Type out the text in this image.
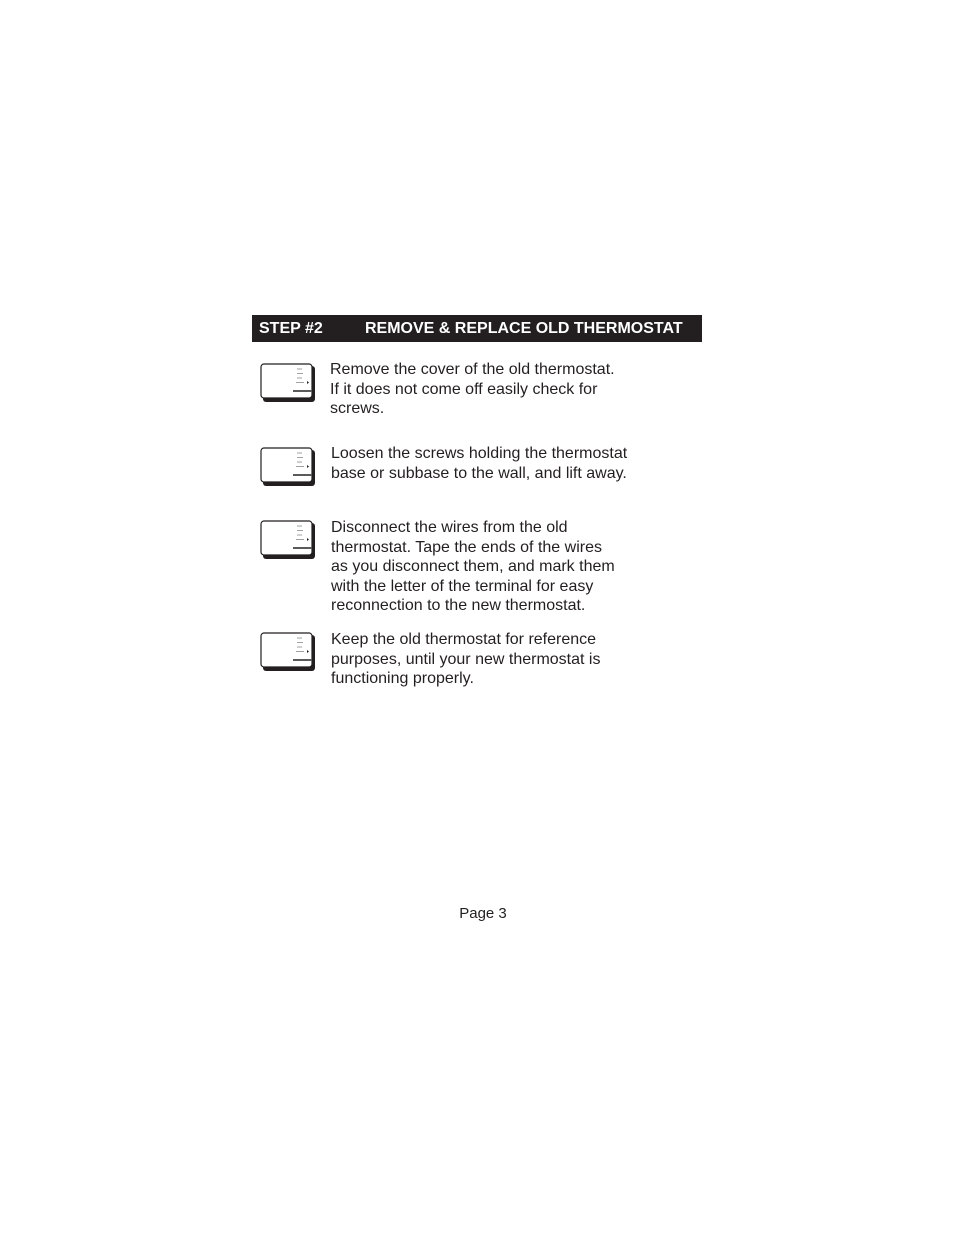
STEP #2	REMOVE & REPLACE OLD THERMOSTAT
Remove the cover of the old thermostat.
If it does not come off easily check for
screws.
Loosen the screws holding the thermostat
base or subbase to the wall, and lift away.
Disconnect the wires from the old
thermostat. Tape the ends of the wires
as you disconnect them, and mark them
with the letter of the terminal for easy
reconnection to the new thermostat.
Keep the old thermostat for reference
purposes, until your new thermostat is
functioning properly.
Page 3
